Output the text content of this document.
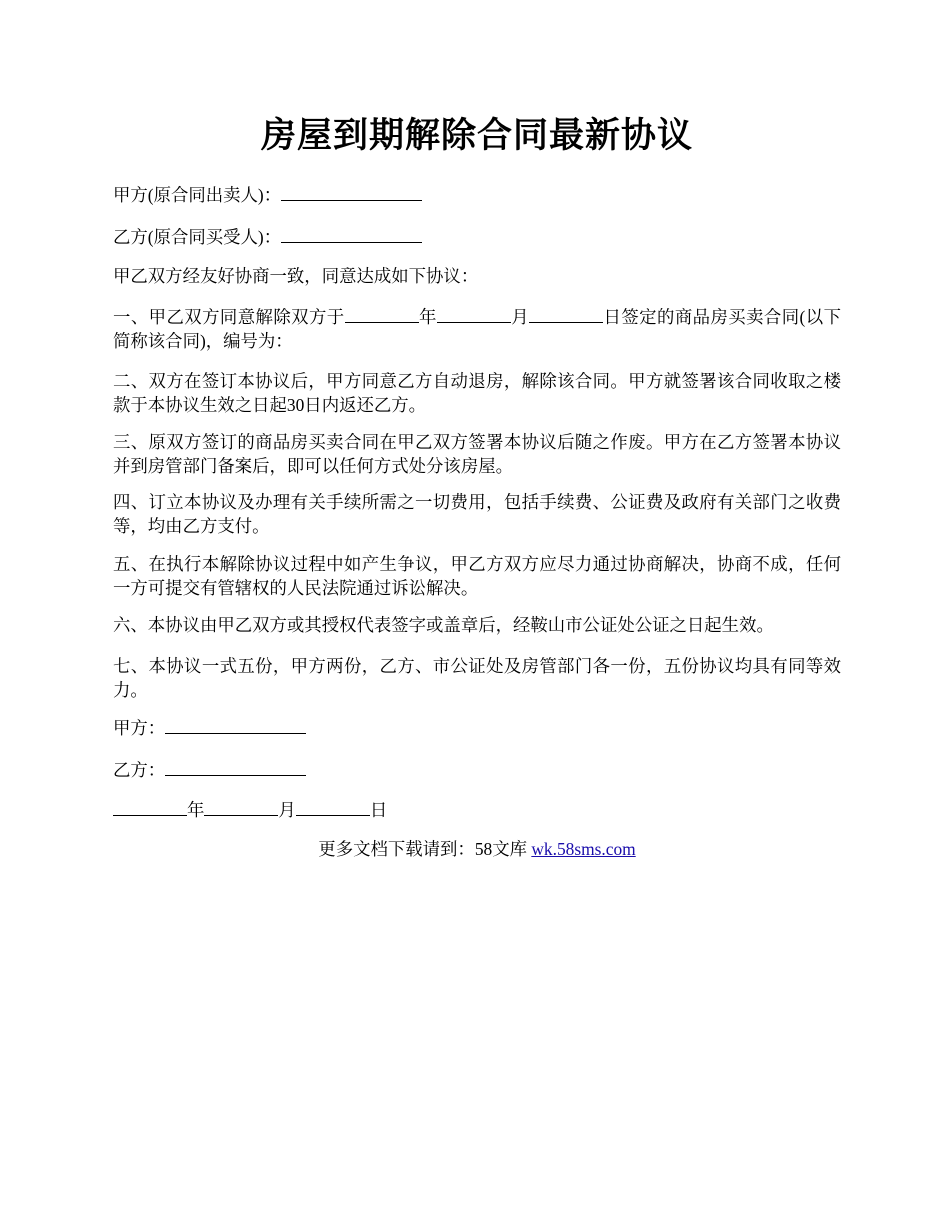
房屋到期解除合同最新协议

甲方(原合同出卖人)：

乙方(原合同买受人)：

甲乙双方经友好协商一致，同意达成如下协议：

一、甲乙双方同意解除双方于	年	月	日签定的商品房买卖合同(以下简称该合同)，编号为：

二、双方在签订本协议后，甲方同意乙方自动退房，解除该合同。甲方就签署该合同收取之楼款于本协议生效之日起30日内返还乙方。

三、原双方签订的商品房买卖合同在甲乙双方签署本协议后随之作废。甲方在乙方签署本协议并到房管部门备案后，即可以任何方式处分该房屋。

四、订立本协议及办理有关手续所需之一切费用，包括手续费、公证费及政府有关部门之收费等，均由乙方支付。

五、在执行本解除协议过程中如产生争议，甲乙方双方应尽力通过协商解决，协商不成，任何一方可提交有管辖权的人民法院通过诉讼解决。

六、本协议由甲乙双方或其授权代表签字或盖章后，经鞍山市公证处公证之日起生效。

七、本协议一式五份，甲方两份，乙方、市公证处及房管部门各一份，五份协议均具有同等效力。

甲方：

乙方：

年	月	日

更多文档下载请到：58文库 wk.58sms.com
